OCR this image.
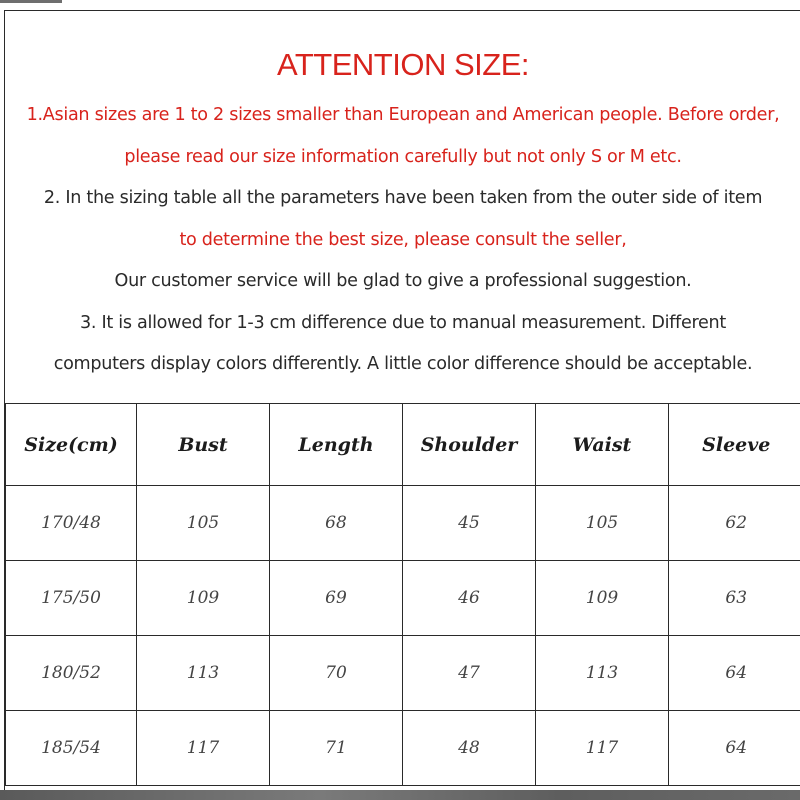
ATTENTION SIZE:
1.Asian sizes are 1 to 2 sizes smaller than European and American people. Before order,
please read our size information carefully but not only S or M etc.
2. In the sizing table all the parameters have been taken from the outer side of item
to determine the best size, please consult the seller,
Our customer service will be glad to give a professional suggestion.
3. It is allowed for 1-3 cm difference due to manual measurement. Different
computers display colors differently. A little color difference should be acceptable.
Size(cm)	Bust	Length	Shoulder	Waist	Sleeve
170/48	105	68	45	105	62
175/50	109	69	46	109	63
180/52	113	70	47	113	64
185/54	117	71	48	117	64
